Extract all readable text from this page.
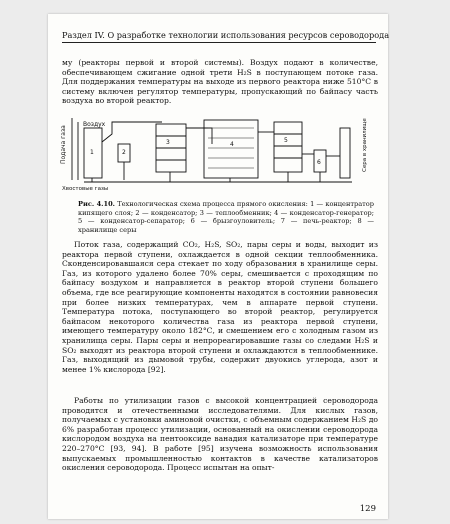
Раздел IV. О разработке технологии использования ресурсов сероводорода

му (реакторы первой и второй системы). Воздух подают в количестве, обеспечивающем сжигание одной трети H₂S в поступающем потоке газа. Для поддержания температуры на выходе из первого реактора ниже 510°С в систему включен регулятор температуры, пропускающий по байпасу часть воздуха во второй реактор.

Подача газа
Воздух
Хвостовые газы
Сера в хранилище
1	2
3	4
5
6

Рис. 4.10. Технологическая схема процесса прямого окисления: 1 — концентратор кипящего слоя; 2 — конденсатор; 3 — теплообменник; 4 — конденсатор-генератор; 5 — конденсатор-сепаратор; 6 — брызгоуловитель; 7 — печь-реактор; 8 — хранилище серы

Поток газа, содержащий CO₂, H₂S, SO₂, пары серы и воды, выходит из реактора первой ступени, охлаждается в одной секции теплообменника. Сконденсировавшаяся сера стекает по ходу образования в хранилище серы. Газ, из которого удалено более 70% серы, смешивается с проходящим по байпасу воздухом и направляется в реактор второй ступени большего объема, где все реагирующие компоненты находятся в состоянии равновесия при более низких температурах, чем в аппарате первой ступени. Температура потока, поступающего во второй реактор, регулируется байпасом некоторого количества газа из реактора первой ступени, имеющего температуру около 182°С, и смешением его с холодным газом из хранилища серы. Пары серы и непрореагировавшие газы со следами H₂S и SO₂ выходят из реактора второй ступени и охлаждаются в теплообменнике. Газ, выходящий из дымовой трубы, содержит двуокись углерода, азот и менее 1% кислорода [92].

Работы по утилизации газов с высокой концентрацией сероводорода проводятся и отечественными исследователями. Для кислых газов, получаемых с установки аминовой очистки, с объемным содержанием H₂S до 6% разработан процесс утилизации, основанный на окислении сероводорода кислородом воздуха на пентооксиде ванадия катализаторе при температуре 220–270°С [93, 94]. В работе [95] изучена возможность использования выпускаемых промышленностью контактов в качестве катализаторов окисления сероводорода. Процесс испытан на опыт-

129
